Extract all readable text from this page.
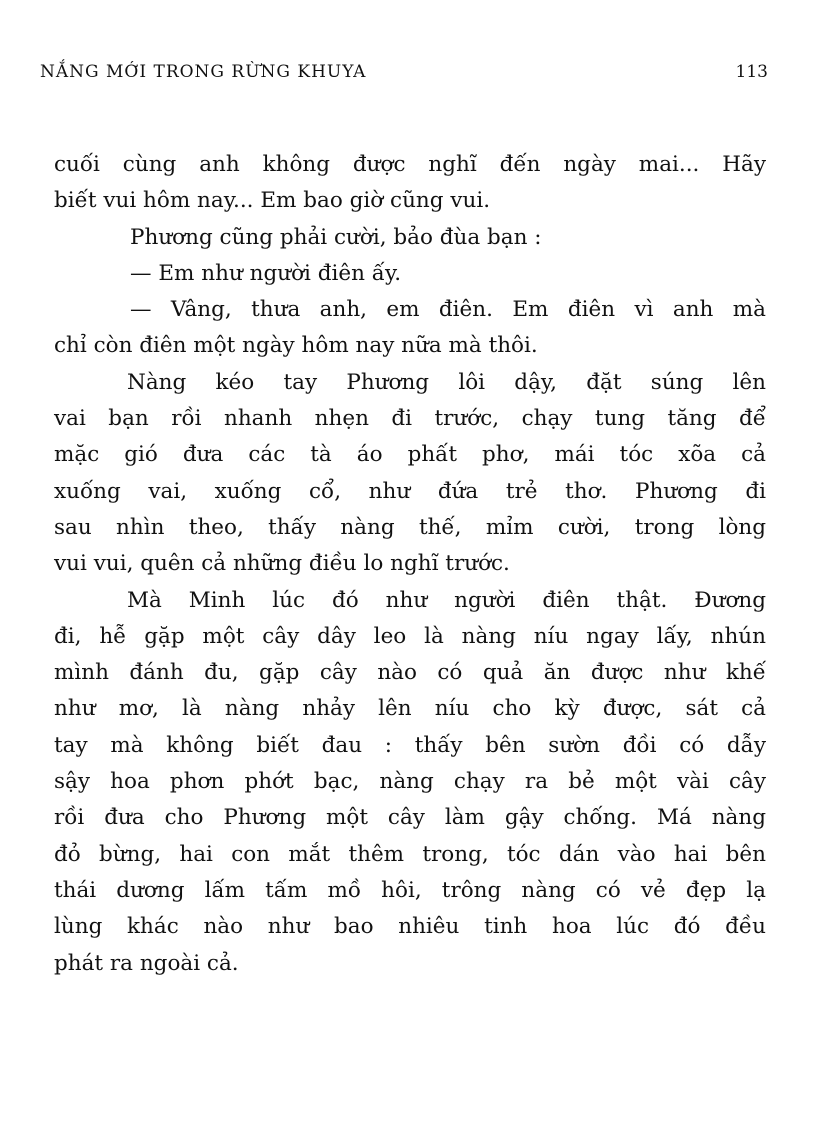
NẮNG MỚI TRONG RỪNG KHUYA	113
cuối cùng anh không được nghĩ đến ngày mai... Hãy
biết vui hôm nay... Em bao giờ cũng vui.
Phương cũng phải cười, bảo đùa bạn :
— Em như người điên ấy.
— Vâng, thưa anh, em điên. Em điên vì anh mà
chỉ còn điên một ngày hôm nay nữa mà thôi.
Nàng kéo tay Phương lôi dậy, đặt súng lên
vai bạn rồi nhanh nhẹn đi trước, chạy tung tăng để
mặc gió đưa các tà áo phất phơ, mái tóc xõa cả
xuống vai, xuống cổ, như đứa trẻ thơ. Phương đi
sau nhìn theo, thấy nàng thế, mỉm cười, trong lòng
vui vui, quên cả những điều lo nghĩ trước.
Mà Minh lúc đó như người điên thật. Đương
đi, hễ gặp một cây dây leo là nàng níu ngay lấy, nhún
mình đánh đu, gặp cây nào có quả ăn được như khế
như mơ, là nàng nhảy lên níu cho kỳ được, sát cả
tay mà không biết đau : thấy bên sườn đồi có dẫy
sậy hoa phơn phớt bạc, nàng chạy ra bẻ một vài cây
rồi đưa cho Phương một cây làm gậy chống. Má nàng
đỏ bừng, hai con mắt thêm trong, tóc dán vào hai bên
thái dương lấm tấm mồ hôi, trông nàng có vẻ đẹp lạ
lùng khác nào như bao nhiêu tinh hoa lúc đó đều
phát ra ngoài cả.
